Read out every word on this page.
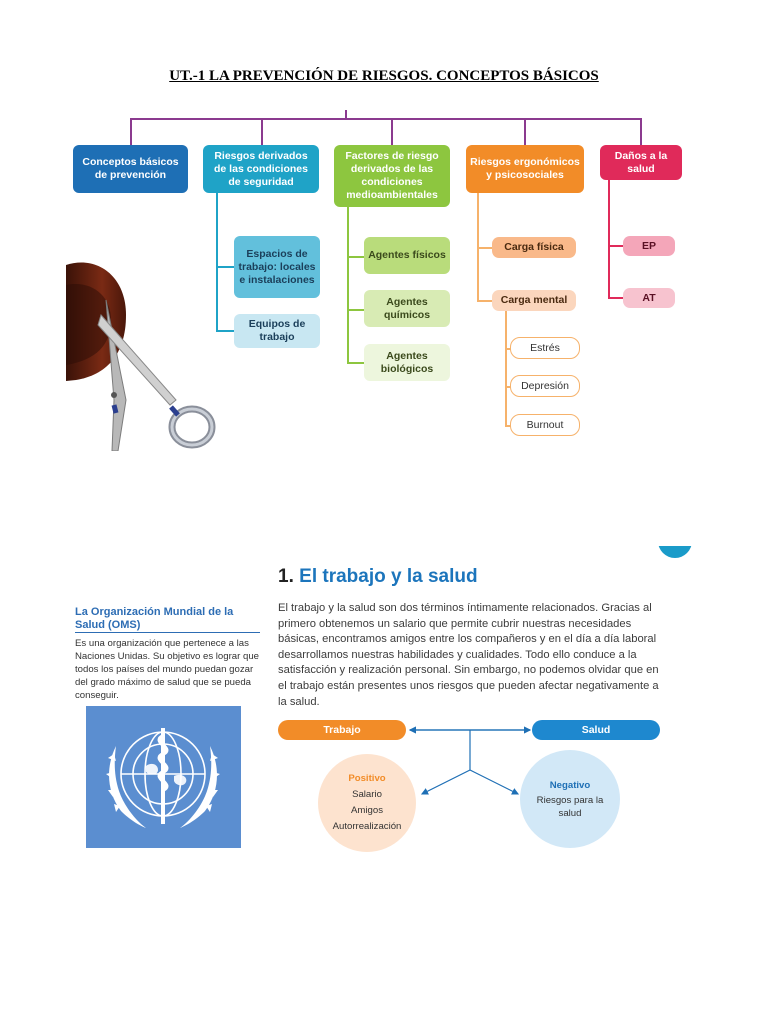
UT.-1 LA PREVENCIÓN DE RIESGOS. CONCEPTOS BÁSICOS
Conceptos básicos de prevención
Riesgos derivados de las condiciones de seguridad
Factores de riesgo derivados de las condiciones medioambientales
Riesgos ergonómicos y psicosociales
Daños a la salud
Espacios de trabajo: locales e instalaciones
Equipos de trabajo
Agentes físicos
Agentes químicos
Agentes biológicos
Carga física
Carga mental
Estrés
Depresión
Burnout
EP
AT
1. El trabajo y la salud
La Organización Mundial de la Salud (OMS)
Es una organización que pertenece a las Naciones Unidas. Su objetivo es lograr que todos los países del mundo puedan gozar del grado máximo de salud que se pueda conseguir.
El trabajo y la salud son dos términos íntimamente relacionados. Gracias al primero obtenemos un salario que permite cubrir nuestras necesidades básicas, encontramos amigos entre los compañeros y en el día a día laboral desarrollamos nuestras habilidades y cualidades. Todo ello conduce a la satisfacción y realización personal. Sin embargo, no podemos olvidar que en el trabajo están presentes unos riesgos que pueden afectar negativamente a la salud.
Trabajo	Salud
Positivo
Salario
Amigos
Autorrealización
Negativo
Riesgos para la salud
